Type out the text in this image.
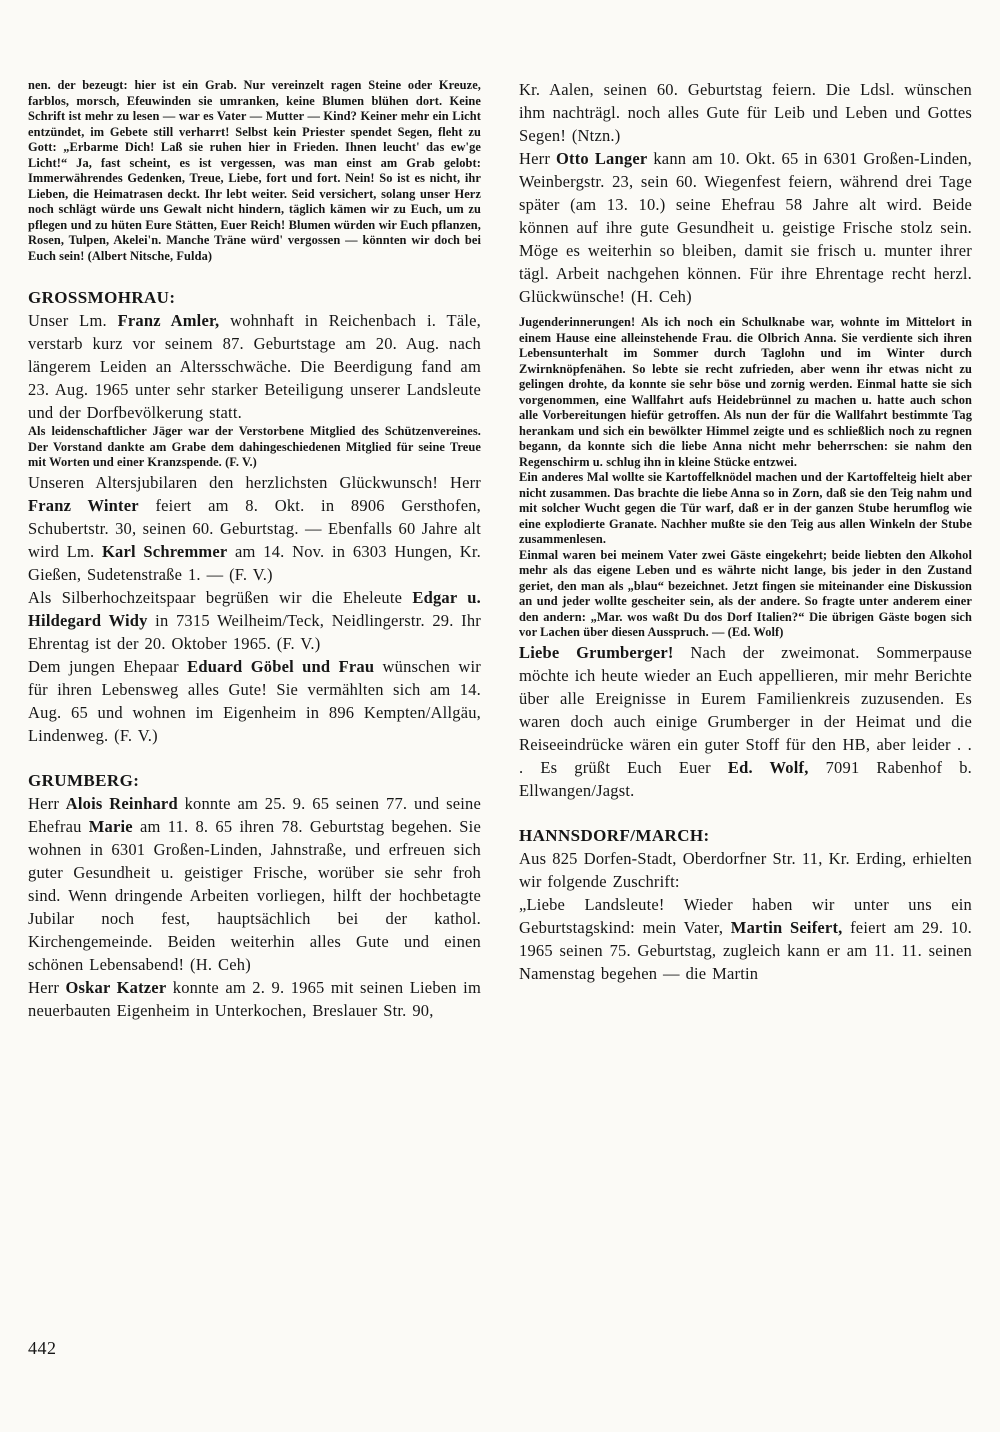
nen. der bezeugt: hier ist ein Grab. Nur vereinzelt ragen Steine oder Kreuze, farblos, morsch, Efeuwinden sie umranken, keine Blumen blühen dort. Keine Schrift ist mehr zu lesen — war es Vater — Mutter — Kind? Keiner mehr ein Licht entzündet, im Gebete still verharrt! Selbst kein Priester spendet Segen, fleht zu Gott: „Erbarme Dich! Laß sie ruhen hier in Frieden. Ihnen leucht' das ew'ge Licht!“ Ja, fast scheint, es ist vergessen, was man einst am Grab gelobt: Immerwährendes Gedenken, Treue, Liebe, fort und fort. Nein! So ist es nicht, ihr Lieben, die Heimatrasen deckt. Ihr lebt weiter. Seid versichert, solang unser Herz noch schlägt würde uns Gewalt nicht hindern, täglich kämen wir zu Euch, um zu pflegen und zu hüten Eure Stätten, Euer Reich! Blumen würden wir Euch pflanzen, Rosen, Tulpen, Akelei'n. Manche Träne würd' vergossen — könnten wir doch bei Euch sein! (Albert Nitsche, Fulda)

GROSSMOHRAU:

Unser Lm. Franz Amler, wohnhaft in Reichenbach i. Täle, verstarb kurz vor seinem 87. Geburtstage am 20. Aug. nach längerem Leiden an Altersschwäche. Die Beerdigung fand am 23. Aug. 1965 unter sehr starker Beteiligung unserer Landsleute und der Dorfbevölkerung statt.

Als leidenschaftlicher Jäger war der Verstorbene Mitglied des Schützenvereines. Der Vorstand dankte am Grabe dem dahingeschiedenen Mitglied für seine Treue mit Worten und einer Kranzspende. (F. V.)

Unseren Altersjubilaren den herzlichsten Glückwunsch! Herr Franz Winter feiert am 8. Okt. in 8906 Gersthofen, Schubertstr. 30, seinen 60. Geburtstag. — Ebenfalls 60 Jahre alt wird Lm. Karl Schremmer am 14. Nov. in 6303 Hungen, Kr. Gießen, Sudetenstraße 1. — (F. V.)

Als Silberhochzeitspaar begrüßen wir die Eheleute Edgar u. Hildegard Widy in 7315 Weilheim/Teck, Neidlingerstr. 29. Ihr Ehrentag ist der 20. Oktober 1965. (F. V.)

Dem jungen Ehepaar Eduard Göbel und Frau wünschen wir für ihren Lebensweg alles Gute! Sie vermählten sich am 14. Aug. 65 und wohnen im Eigenheim in 896 Kempten/Allgäu, Lindenweg. (F. V.)

GRUMBERG:

Herr Alois Reinhard konnte am 25. 9. 65 seinen 77. und seine Ehefrau Marie am 11. 8. 65 ihren 78. Geburtstag begehen. Sie wohnen in 6301 Großen-Linden, Jahnstraße, und erfreuen sich guter Gesundheit u. geistiger Frische, worüber sie sehr froh sind. Wenn dringende Arbeiten vorliegen, hilft der hochbetagte Jubilar noch fest, hauptsächlich bei der kathol. Kirchengemeinde. Beiden weiterhin alles Gute und einen schönen Lebensabend! (H. Ceh)

Herr Oskar Katzer konnte am 2. 9. 1965 mit seinen Lieben im neuerbauten Eigenheim in Unterkochen, Breslauer Str. 90,

Kr. Aalen, seinen 60. Geburtstag feiern. Die Ldsl. wünschen ihm nachträgl. noch alles Gute für Leib und Leben und Gottes Segen! (Ntzn.)

Herr Otto Langer kann am 10. Okt. 65 in 6301 Großen-Linden, Weinbergstr. 23, sein 60. Wiegenfest feiern, während drei Tage später (am 13. 10.) seine Ehefrau 58 Jahre alt wird. Beide können auf ihre gute Gesundheit u. geistige Frische stolz sein. Möge es weiterhin so bleiben, damit sie frisch u. munter ihrer tägl. Arbeit nachgehen können. Für ihre Ehrentage recht herzl. Glückwünsche! (H. Ceh)

Jugenderinnerungen! Als ich noch ein Schulknabe war, wohnte im Mittelort in einem Hause eine alleinstehende Frau. die Olbrich Anna. Sie verdiente sich ihren Lebensunterhalt im Sommer durch Taglohn und im Winter durch Zwirnknöpfenähen. So lebte sie recht zufrieden, aber wenn ihr etwas nicht zu gelingen drohte, da konnte sie sehr böse und zornig werden. Einmal hatte sie sich vorgenommen, eine Wallfahrt aufs Heidebrünnel zu machen u. hatte auch schon alle Vorbereitungen hiefür getroffen. Als nun der für die Wallfahrt bestimmte Tag herankam und sich ein bewölkter Himmel zeigte und es schließlich noch zu regnen begann, da konnte sich die liebe Anna nicht mehr beherrschen: sie nahm den Regenschirm u. schlug ihn in kleine Stücke entzwei.

Ein anderes Mal wollte sie Kartoffelknödel machen und der Kartoffelteig hielt aber nicht zusammen. Das brachte die liebe Anna so in Zorn, daß sie den Teig nahm und mit solcher Wucht gegen die Tür warf, daß er in der ganzen Stube herumflog wie eine explodierte Granate. Nachher mußte sie den Teig aus allen Winkeln der Stube zusammenlesen.

Einmal waren bei meinem Vater zwei Gäste eingekehrt; beide liebten den Alkohol mehr als das eigene Leben und es währte nicht lange, bis jeder in den Zustand geriet, den man als „blau“ bezeichnet. Jetzt fingen sie miteinander eine Diskussion an und jeder wollte gescheiter sein, als der andere. So fragte unter anderem einer den andern: „Mar. wos waßt Du dos Dorf Italien?“ Die übrigen Gäste bogen sich vor Lachen über diesen Ausspruch. — (Ed. Wolf)

Liebe Grumberger! Nach der zweimonat. Sommerpause möchte ich heute wieder an Euch appellieren, mir mehr Berichte über alle Ereignisse in Eurem Familienkreis zuzusenden. Es waren doch auch einige Grumberger in der Heimat und die Reiseeindrücke wären ein guter Stoff für den HB, aber leider . . . Es grüßt Euch Euer Ed. Wolf, 7091 Rabenhof b. Ellwangen/Jagst.

HANNSDORF/MARCH:

Aus 825 Dorfen-Stadt, Oberdorfner Str. 11, Kr. Erding, erhielten wir folgende Zuschrift:

„Liebe Landsleute! Wieder haben wir unter uns ein Geburtstagskind: mein Vater, Martin Seifert, feiert am 29. 10. 1965 seinen 75. Geburtstag, zugleich kann er am 11. 11. seinen Namenstag begehen — die Martin

442
